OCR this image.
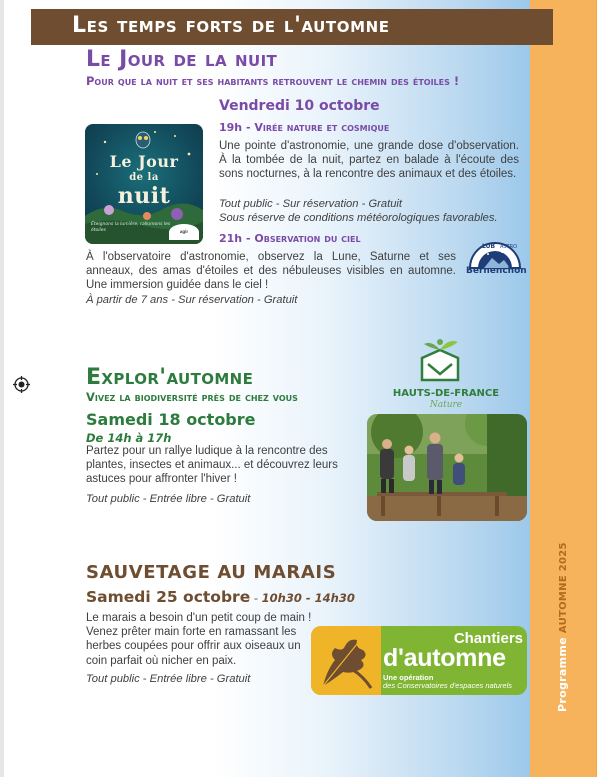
ProgrammeAUTOMNE 2025
Les temps forts de l'automne
Le Jour de la nuit
Pour que la nuit et ses habitants retrouvent le chemin des étoiles !
Vendredi 10 octobre
19h - Virée nature et cosmique
Une pointe d'astronomie, une grande dose d'observation. À la tombée de la nuit, partez en balade à l'écoute des sons nocturnes, à la rencontre des animaux et des étoiles.
Tout public - Sur réservation - Gratuit
Sous réserve de conditions météorologiques favorables.
21h - Observation du ciel
À l'observatoire d'astronomie, observez la Lune, Saturne et ses anneaux, des amas d'étoiles et des nébuleuses visibles en automne. Une immersion guidée dans le ciel !
À partir de 7 ans - Sur réservation - Gratuit
Le Jour
de la
nuit
Éteignons la lumière, rallumons les étoiles	agir
LUB ASTRO
Bernenchon
Explor'automne
Vivez la biodiversité près de chez vous
Samedi 18 octobre
De 14h à 17h
Partez pour un rallye ludique à la rencontre des plantes, insectes et animaux... et découvrez leurs astuces pour affronter l'hiver !
Tout public - Entrée libre - Gratuit
HAUTS-DE-FRANCE
Nature
SAUVETAGE AU MARAIS
Samedi 25 octobre - 10h30 - 14h30
Le marais a besoin d'un petit coup de main ! Venez prêter main forte en ramassant les herbes coupées pour offrir aux oiseaux un coin parfait où nicher en paix.
Tout public - Entrée libre - Gratuit
Chantiers
d'automne
Une opération
des Conservatoires d'espaces naturels
